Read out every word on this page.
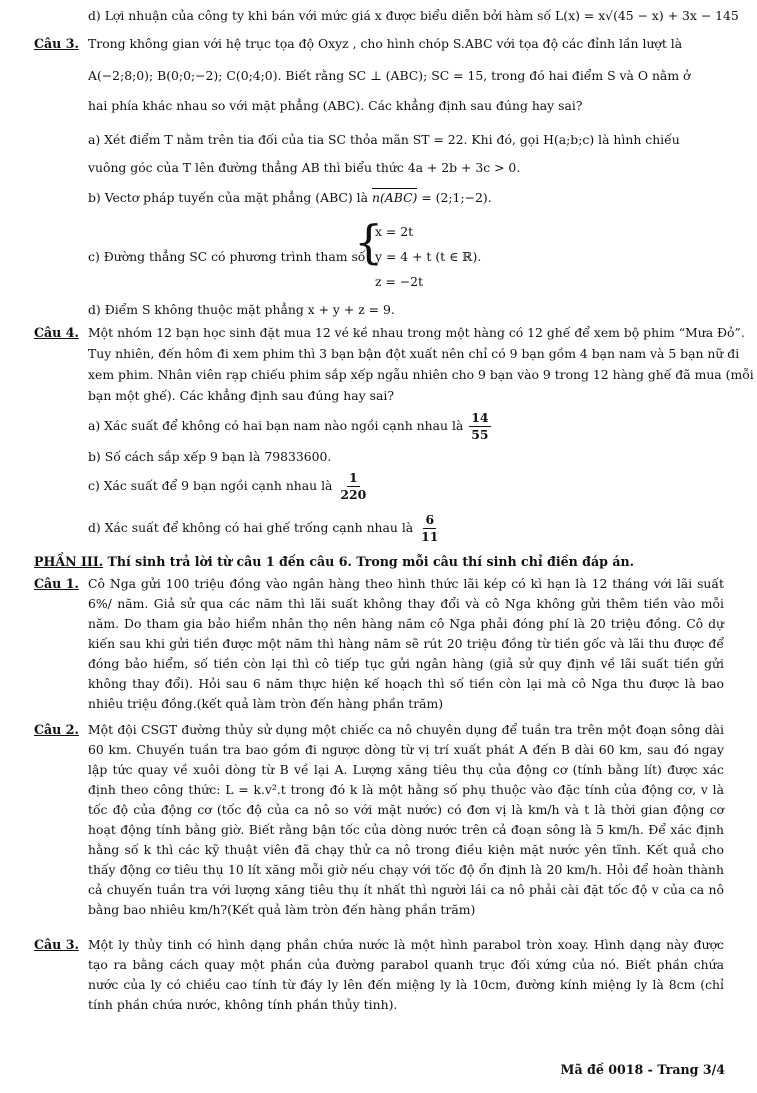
d) Lợi nhuận của công ty khi bán với mức giá x được biểu diễn bởi hàm số L(x) = x√(45 − x) + 3x − 145
Câu 3. Trong không gian với hệ trục tọa độ Oxyz , cho hình chóp S.ABC với tọa độ các đỉnh lần lượt là
A(−2;8;0); B(0;0;−2); C(0;4;0). Biết rằng SC ⊥ (ABC); SC = 15, trong đó hai điểm S và O nằm ở
hai phía khác nhau so với mặt phẳng (ABC). Các khẳng định sau đúng hay sai?
a) Xét điểm T nằm trên tia đối của tia SC thỏa mãn ST = 22. Khi đó, gọi H(a;b;c) là hình chiếu
vuông góc của T lên đường thẳng AB thì biểu thức 4a + 2b + 3c > 0.
b) Vectơ pháp tuyến của mặt phẳng (ABC) là n(ABC) = (2;1;−2).
c) Đường thẳng SC có phương trình tham số
{
x = 2t
y = 4 + t (t ∈ ℝ).
z = −2t
d) Điểm S không thuộc mặt phẳng x + y + z = 9.
Câu 4. Một nhóm 12 bạn học sinh đặt mua 12 vé kề nhau trong một hàng có 12 ghế để xem bộ phim “Mưa Đỏ”.
Tuy nhiên, đến hôm đi xem phim thì 3 bạn bận đột xuất nên chỉ có 9 bạn gồm 4 bạn nam và 5 bạn nữ đi
xem phim. Nhân viên rạp chiếu phim sắp xếp ngẫu nhiên cho 9 bạn vào 9 trong 12 hàng ghế đã mua (mỗi
bạn một ghế). Các khẳng định sau đúng hay sai?
a) Xác suất để không có hai bạn nam nào ngồi cạnh nhau là $\frac{14}{55}$
b) Số cách sắp xếp 9 bạn là 79833600.
c) Xác suất để 9 bạn ngồi cạnh nhau là $\frac{1}{220}$
d) Xác suất để không có hai ghế trống cạnh nhau là $\frac{6}{11}$
PHẦN III. Thí sinh trả lời từ câu 1 đến câu 6. Trong mỗi câu thí sinh chỉ điền đáp án.
Câu 1. Cô Nga gửi 100 triệu đồng vào ngân hàng theo hình thức lãi kép có kì hạn là 12 tháng với lãi suất 6%/ năm. Giả sử qua các năm thì lãi suất không thay đổi và cô Nga không gửi thêm tiền vào mỗi năm. Do tham gia bảo hiểm nhân thọ nên hàng năm cô Nga phải đóng phí là 20 triệu đồng. Cô dự kiến sau khi gửi tiền được một năm thì hàng năm sẽ rút 20 triệu đồng từ tiền gốc và lãi thu được để đóng bảo hiểm, số tiền còn lại thì cô tiếp tục gửi ngân hàng (giả sử quy định về lãi suất tiền gửi không thay đổi). Hỏi sau 6 năm thực hiện kế hoạch thì số tiền còn lại mà cô Nga thu được là bao nhiêu triệu đồng.(kết quả làm tròn đến hàng phần trăm)
Câu 2. Một đội CSGT đường thủy sử dụng một chiếc ca nô chuyên dụng để tuần tra trên một đoạn sông dài 60 km. Chuyến tuần tra bao gồm đi ngược dòng từ vị trí xuất phát A đến B dài 60 km, sau đó ngay lập tức quay về xuôi dòng từ B về lại A. Lượng xăng tiêu thụ của động cơ (tính bằng lít) được xác định theo công thức: L = k.v².t trong đó k là một hằng số phụ thuộc vào đặc tính của động cơ, v là tốc độ của động cơ (tốc độ của ca nô so với mặt nước) có đơn vị là km/h và t là thời gian động cơ hoạt động tính bằng giờ. Biết rằng bận tốc của dòng nước trên cả đoạn sông là 5 km/h. Để xác định hằng số k thì các kỹ thuật viên đã chạy thử ca nô trong điều kiện mặt nước yên tĩnh. Kết quả cho thấy động cơ tiêu thụ 10 lít xăng mỗi giờ nếu chạy với tốc độ ổn định là 20 km/h. Hỏi để hoàn thành cả chuyến tuần tra với lượng xăng tiêu thụ ít nhất thì người lái ca nô phải cài đặt tốc độ v của ca nô bằng bao nhiêu km/h?(Kết quả làm tròn đến hàng phần trăm)
Câu 3. Một ly thủy tinh có hình dạng phần chứa nước là một hình parabol tròn xoay. Hình dạng này được tạo ra bằng cách quay một phần của đường parabol quanh trục đối xứng của nó. Biết phần chứa nước của ly có chiều cao tính từ đáy ly lên đến miệng ly là 10cm, đường kính miệng ly là 8cm (chỉ tính phần chứa nước, không tính phần thủy tinh).
Mã đề 0018 - Trang 3/4
